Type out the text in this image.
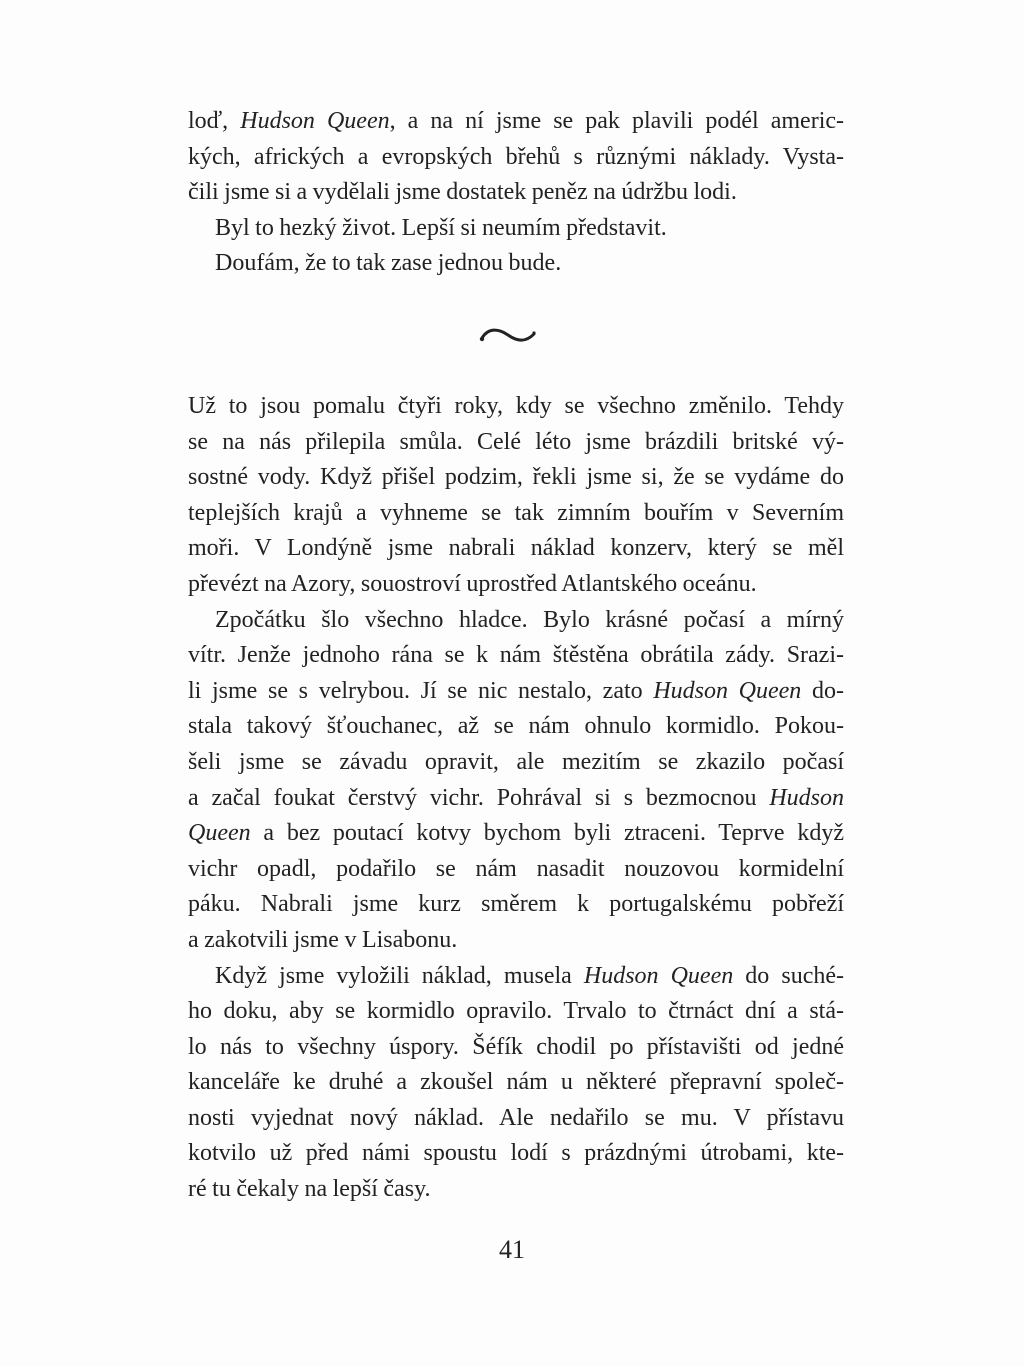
loď, Hudson Queen, a na ní jsme se pak plavili podél americ-
kých, afrických a evropských břehů s různými náklady. Vysta-
čili jsme si a vydělali jsme dostatek peněz na údržbu lodi.
Byl to hezký život. Lepší si neumím představit.
Doufám, že to tak zase jednou bude.
Už to jsou pomalu čtyři roky, kdy se všechno změnilo. Tehdy
se na nás přilepila smůla. Celé léto jsme brázdili britské vý-
sostné vody. Když přišel podzim, řekli jsme si, že se vydáme do
teplejších krajů a vyhneme se tak zimním bouřím v Severním
moři. V Londýně jsme nabrali náklad konzerv, který se měl
převézt na Azory, souostroví uprostřed Atlantského oceánu.
Zpočátku šlo všechno hladce. Bylo krásné počasí a mírný
vítr. Jenže jednoho rána se k nám štěstěna obrátila zády. Srazi-
li jsme se s velrybou. Jí se nic nestalo, zato Hudson Queen do-
stala takový šťouchanec, až se nám ohnulo kormidlo. Pokou-
šeli jsme se závadu opravit, ale mezitím se zkazilo počasí
a začal foukat čerstvý vichr. Pohrával si s bezmocnou Hudson
Queen a bez poutací kotvy bychom byli ztraceni. Teprve když
vichr opadl, podařilo se nám nasadit nouzovou kormidelní
páku. Nabrali jsme kurz směrem k portugalskému pobřeží
a zakotvili jsme v Lisabonu.
Když jsme vyložili náklad, musela Hudson Queen do suché-
ho doku, aby se kormidlo opravilo. Trvalo to čtrnáct dní a stá-
lo nás to všechny úspory. Šéfík chodil po přístavišti od jedné
kanceláře ke druhé a zkoušel nám u některé přepravní společ-
nosti vyjednat nový náklad. Ale nedařilo se mu. V přístavu
kotvilo už před námi spoustu lodí s prázdnými útrobami, kte-
ré tu čekaly na lepší časy.
41
